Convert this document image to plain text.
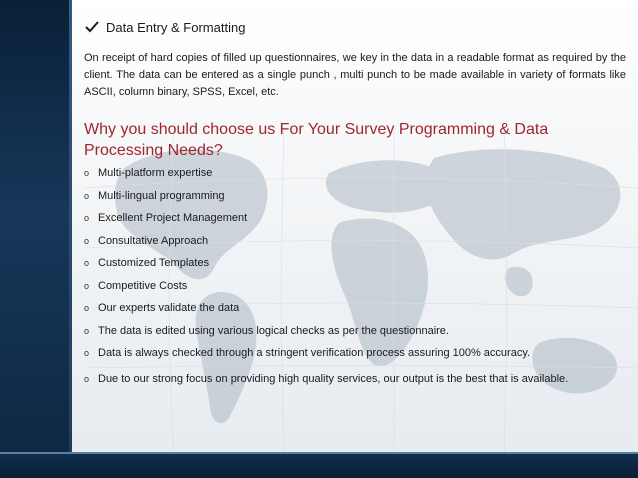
Data Entry & Formatting
On receipt of hard copies of filled up questionnaires, we key in the data in a readable format as required by the client. The data can be entered as a single punch , multi punch to be made available in variety of formats like ASCII, column binary, SPSS, Excel, etc.
Why you should choose us For Your Survey Programming & Data Processing Needs?
o Multi-platform expertise
o Multi-lingual programming
o Excellent Project Management
o Consultative Approach
o Customized Templates
o Competitive Costs
o Our experts validate the data
o The data is edited using various logical checks as per the questionnaire.
o Data is always checked through a stringent verification process assuring 100% accuracy.
o Due to our strong focus on providing high quality services, our output is the best that is available.
